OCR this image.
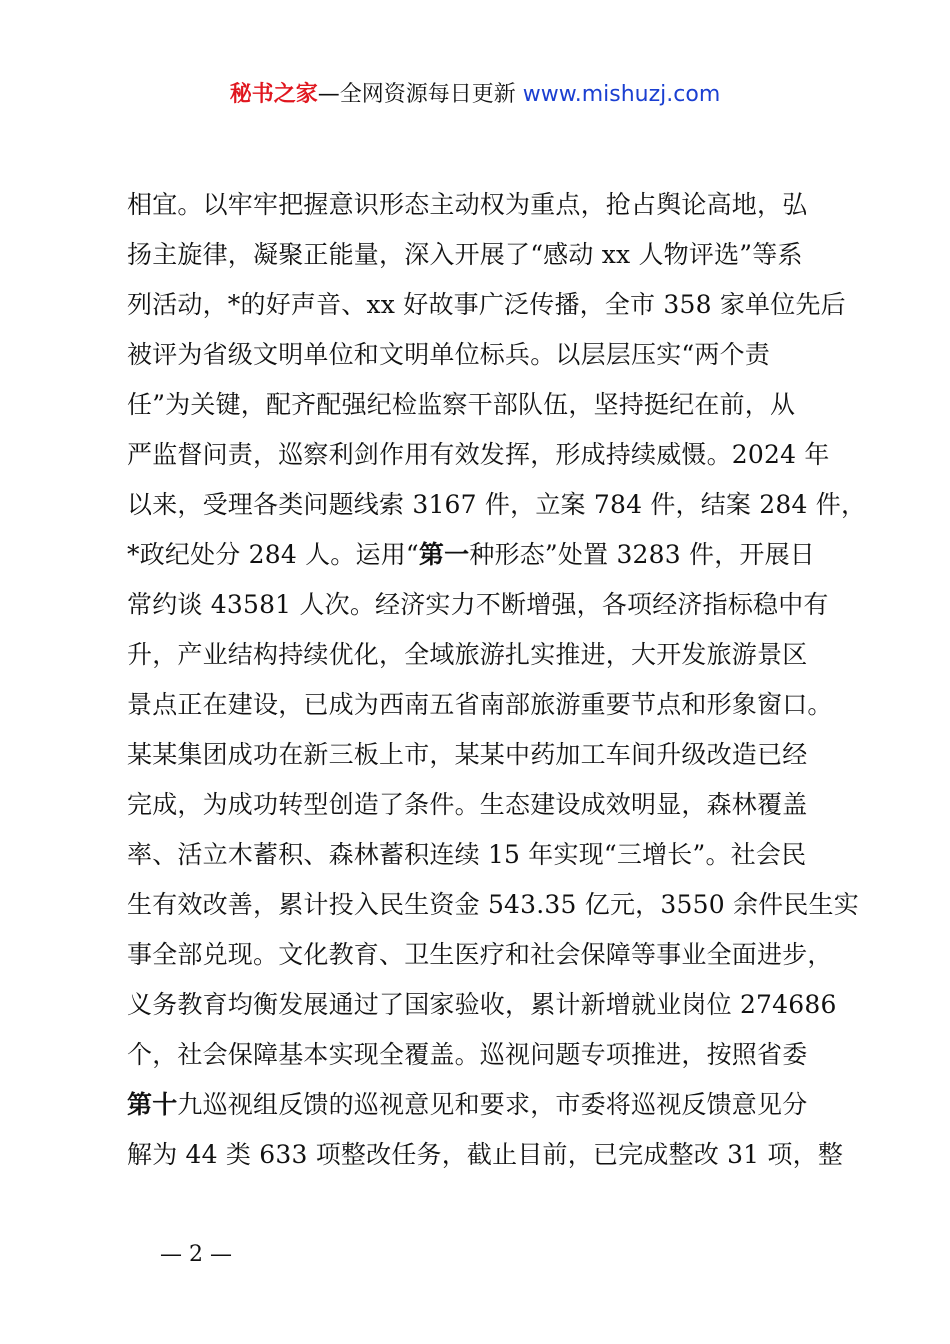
秘书之家—全网资源每日更新 www.mishuzj.com
相宜。以牢牢把握意识形态主动权为重点，抢占舆论高地，弘
扬主旋律，凝聚正能量，深入开展了“感动 xx 人物评选”等系
列活动，*的好声音、xx 好故事广泛传播，全市 358 家单位先后
被评为省级文明单位和文明单位标兵。以层层压实“两个责
任”为关键，配齐配强纪检监察干部队伍，坚持挺纪在前，从
严监督问责，巡察利剑作用有效发挥，形成持续威慑。2024 年
以来，受理各类问题线索 3167 件，立案 784 件，结案 284 件，
*政纪处分 284 人。运用“第一种形态”处置 3283 件，开展日
常约谈 43581 人次。经济实力不断增强，各项经济指标稳中有
升，产业结构持续优化，全域旅游扎实推进，大开发旅游景区
景点正在建设，已成为西南五省南部旅游重要节点和形象窗口。
某某集团成功在新三板上市，某某中药加工车间升级改造已经
完成，为成功转型创造了条件。生态建设成效明显，森林覆盖
率、活立木蓄积、森林蓄积连续 15 年实现“三增长”。社会民
生有效改善，累计投入民生资金 543.35 亿元，3550 余件民生实
事全部兑现。文化教育、卫生医疗和社会保障等事业全面进步，
义务教育均衡发展通过了国家验收，累计新增就业岗位 274686
个，社会保障基本实现全覆盖。巡视问题专项推进，按照省委
第十九巡视组反馈的巡视意见和要求，市委将巡视反馈意见分
解为 44 类 633 项整改任务，截止目前，已完成整改 31 项，整
— 2 —
